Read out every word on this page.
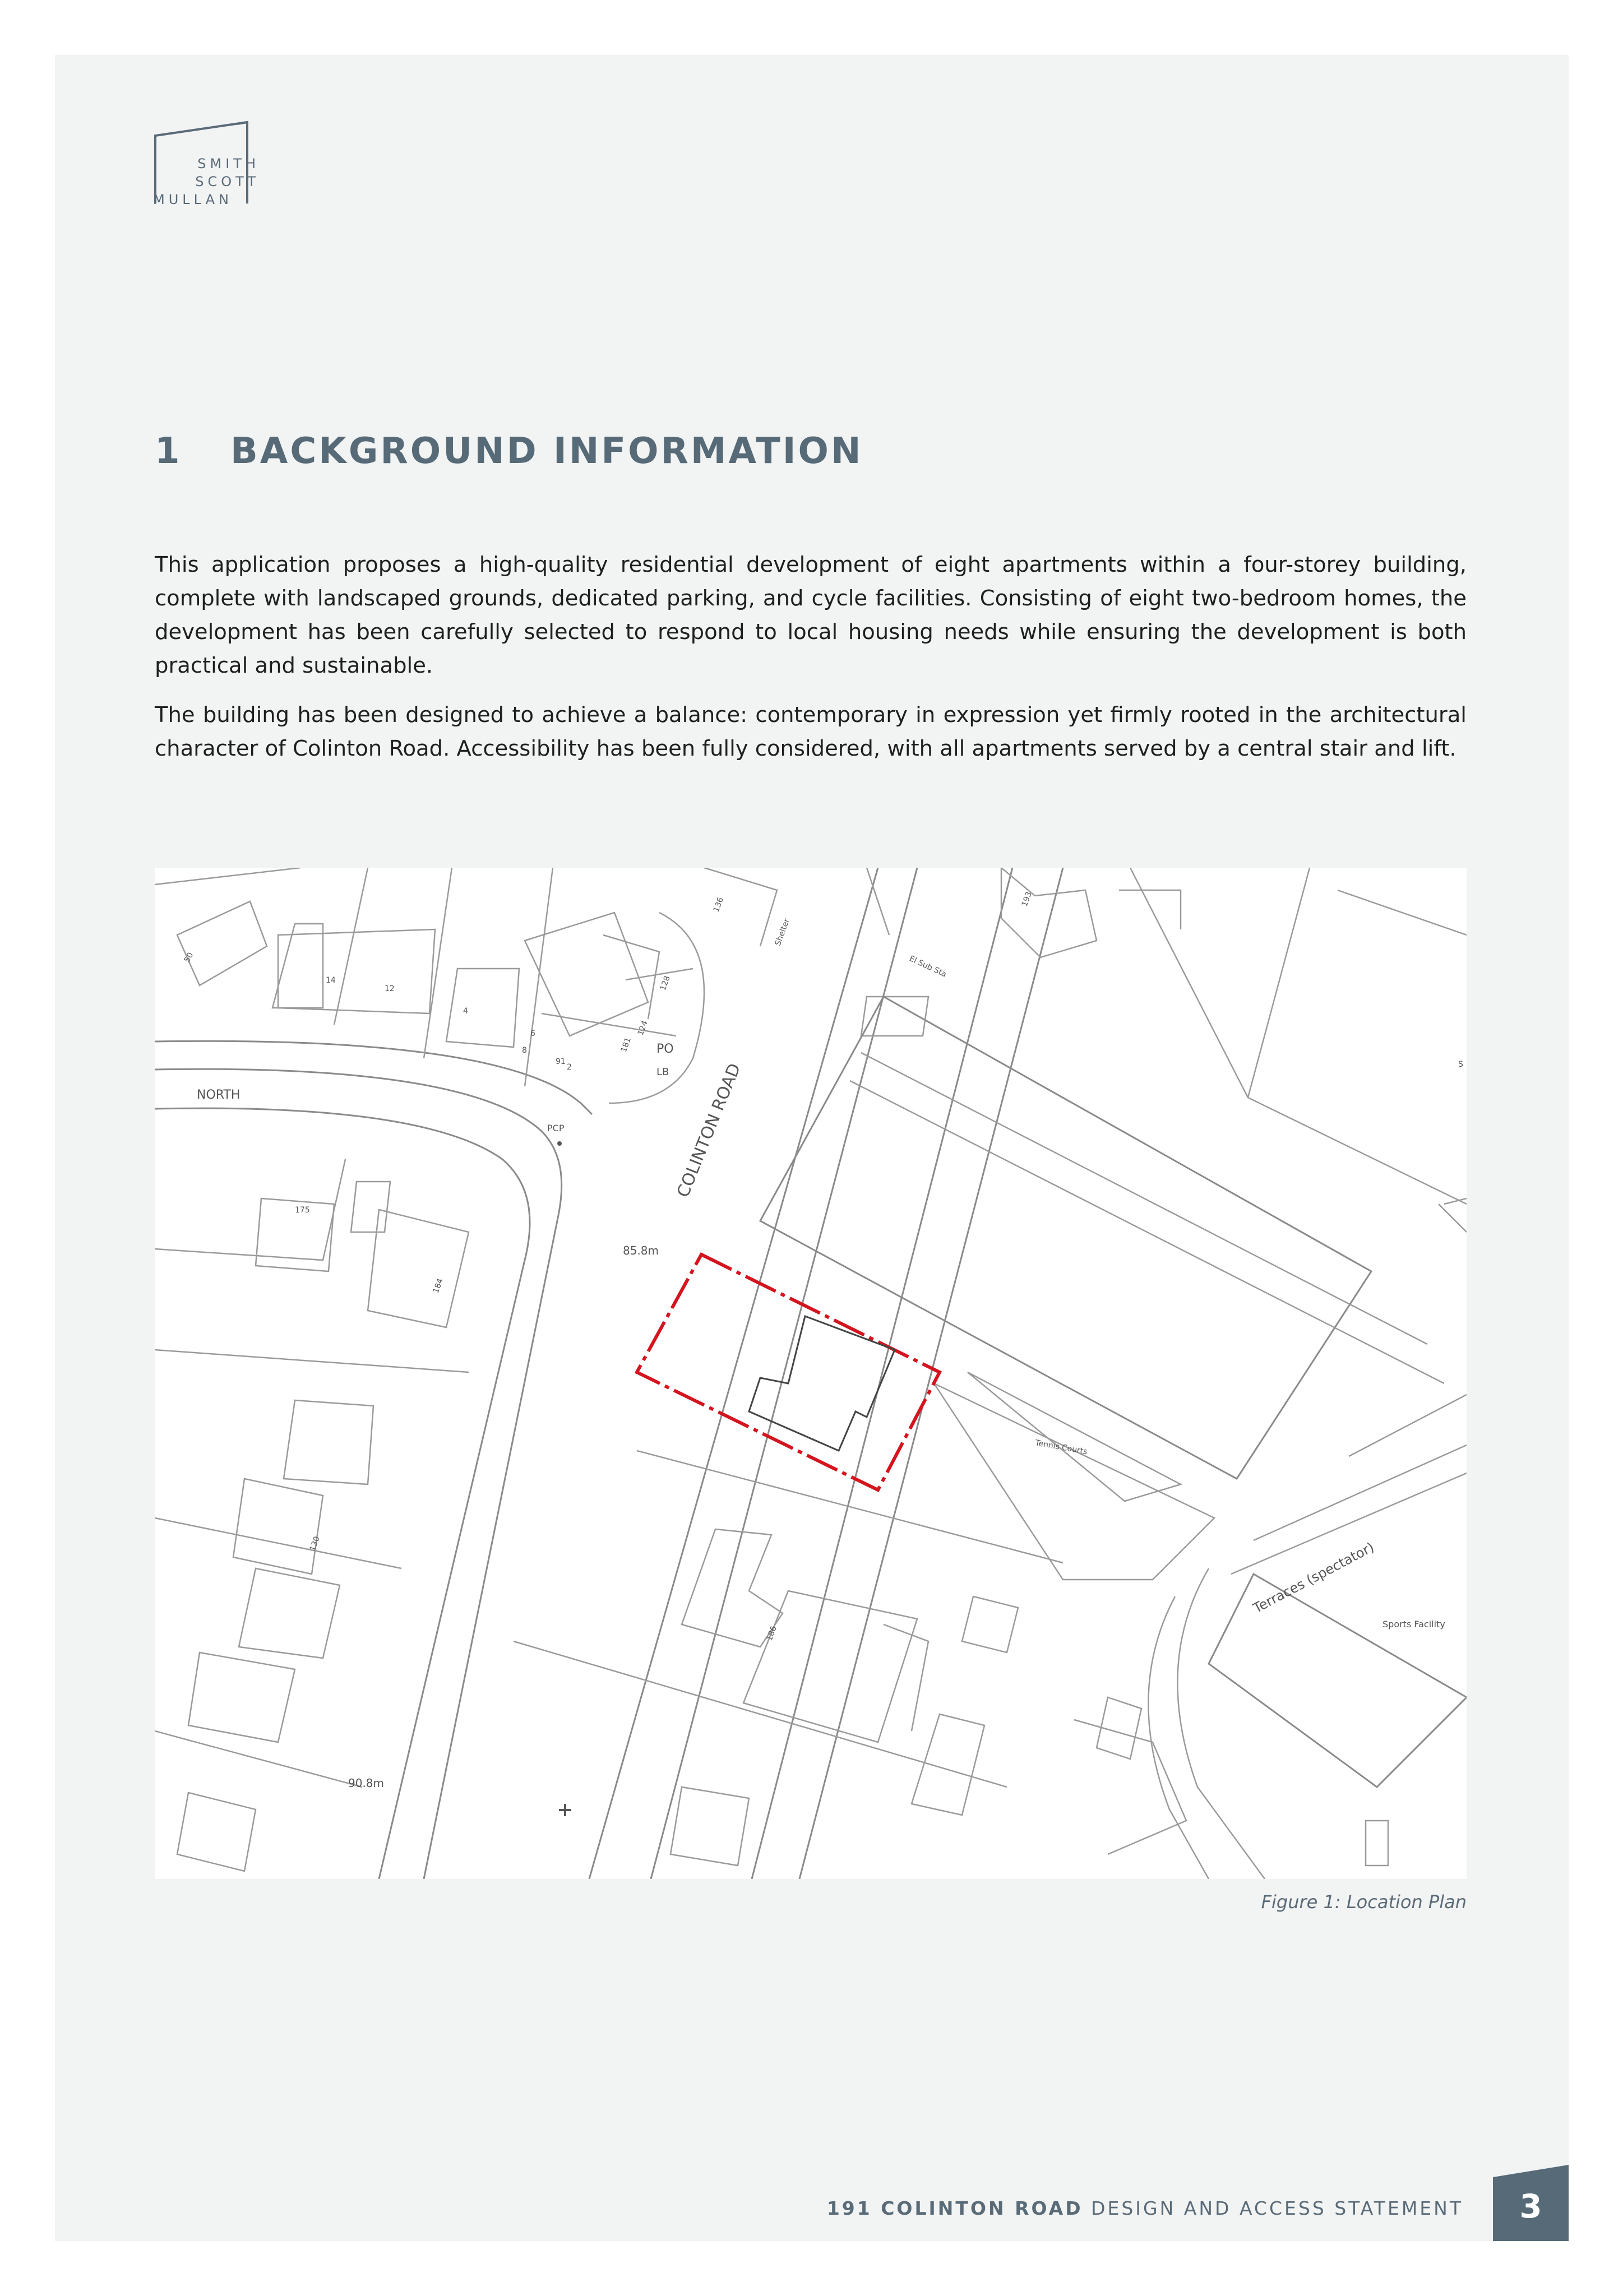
SMITH
SCOTT
MULLAN
1 BACKGROUND INFORMATION

This application proposes a high-quality residential development of eight apartments within a four-storey building, complete with landscaped grounds, dedicated parking, and cycle facilities. Consisting of eight two-bedroom homes, the development has been carefully selected to respond to local housing needs while ensuring the development is both practical and sustainable.

The building has been designed to achieve a balance: contemporary in expression yet firmly rooted in the architectural character of Colinton Road. Accessibility has been fully considered, with all apartments served by a central stair and lift.

NORTH
PCP
PO
LB
85.8m
90.8m
Sports Facility
Tennis Courts
El Sub Sta
Shelter
Terraces (spectator)
COLINTON ROAD
50
14
12
4
6
8
2
91
175
184
130
136
128
124
181
186
193
S
Figure 1: Location Plan
191 COLINTON ROAD DESIGN AND ACCESS STATEMENT	3
